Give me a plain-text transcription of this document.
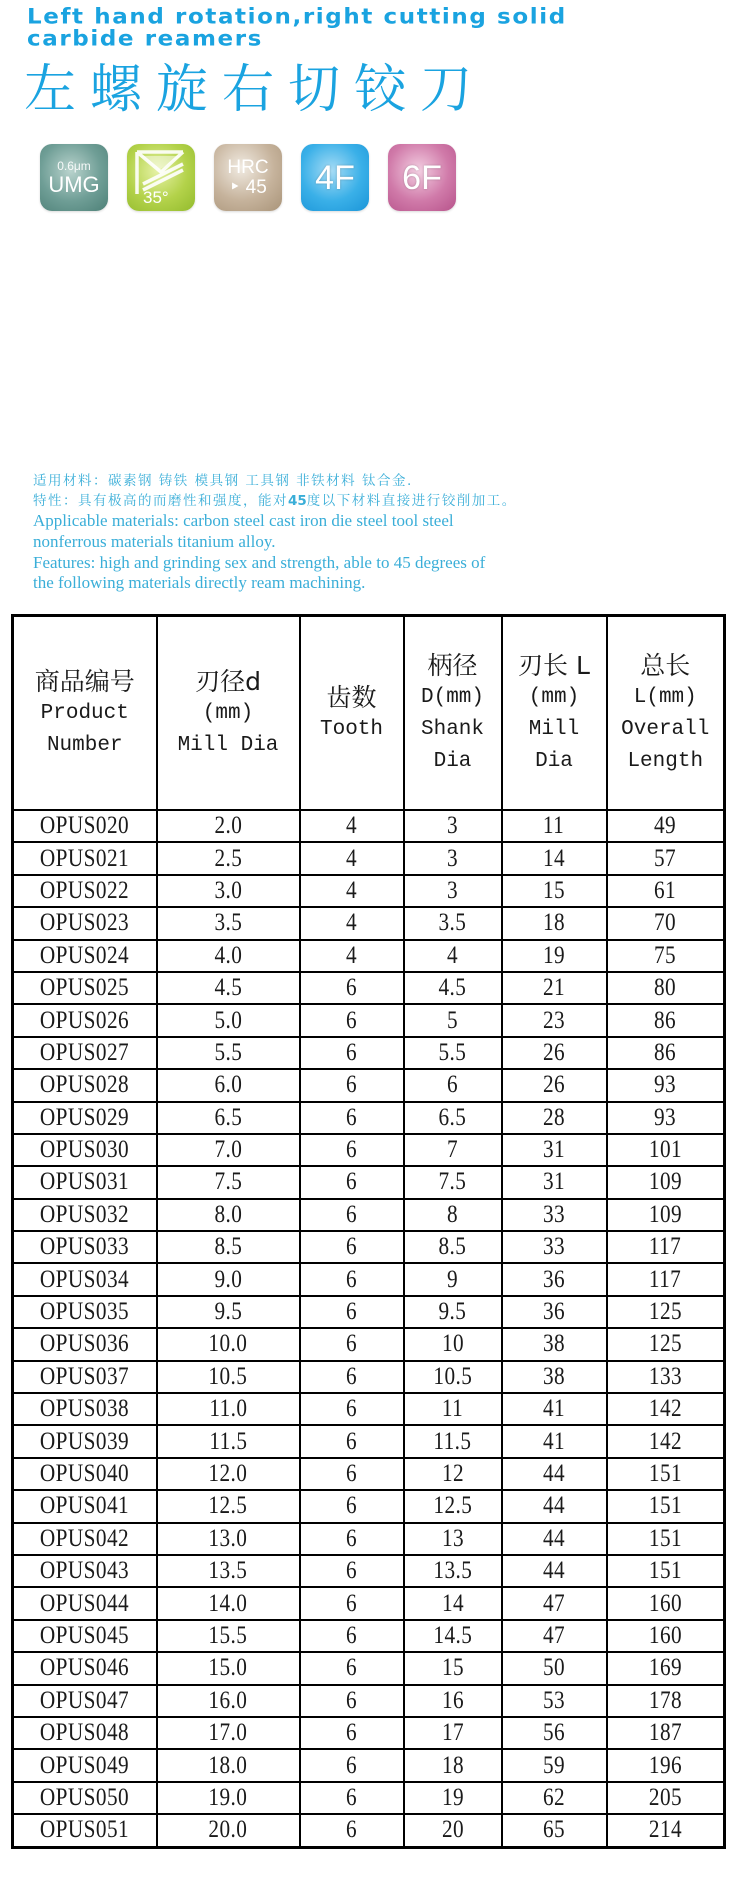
Left hand rotation,right cutting solid
carbide reamers
左螺旋右切铰刀
0.6μm
UMG
35°
HRC
‣ 45 4F 6F
适用材料：碳素钢 铸铁 模具钢 工具钢 非铁材料 钛合金.
特性：具有极高的而磨性和强度，能对45度以下材料直接进行铰削加工。
Applicable materials: carbon steel cast iron die steel tool steel
nonferrous materials titanium alloy.
Features: high and grinding sex and strength, able to 45 degrees of
the following materials directly ream machining.
商品编号
Product
Number	刃径d
(mm)
Mill Dia	齿数
Tooth	柄径
D(mm)
Shank
Dia	刃长 L
(mm)
Mill
Dia	总长
L(mm)
Overall
Length

OPUS020	2.0	4	3	11	49
OPUS021	2.5	4	3	14	57
OPUS022	3.0	4	3	15	61
OPUS023	3.5	4	3.5	18	70
OPUS024	4.0	4	4	19	75
OPUS025	4.5	6	4.5	21	80
OPUS026	5.0	6	5	23	86
OPUS027	5.5	6	5.5	26	86
OPUS028	6.0	6	6	26	93
OPUS029	6.5	6	6.5	28	93
OPUS030	7.0	6	7	31	101
OPUS031	7.5	6	7.5	31	109
OPUS032	8.0	6	8	33	109
OPUS033	8.5	6	8.5	33	117
OPUS034	9.0	6	9	36	117
OPUS035	9.5	6	9.5	36	125
OPUS036	10.0	6	10	38	125
OPUS037	10.5	6	10.5	38	133
OPUS038	11.0	6	11	41	142
OPUS039	11.5	6	11.5	41	142
OPUS040	12.0	6	12	44	151
OPUS041	12.5	6	12.5	44	151
OPUS042	13.0	6	13	44	151
OPUS043	13.5	6	13.5	44	151
OPUS044	14.0	6	14	47	160
OPUS045	15.5	6	14.5	47	160
OPUS046	15.0	6	15	50	169
OPUS047	16.0	6	16	53	178
OPUS048	17.0	6	17	56	187
OPUS049	18.0	6	18	59	196
OPUS050	19.0	6	19	62	205
OPUS051	20.0	6	20	65	214
